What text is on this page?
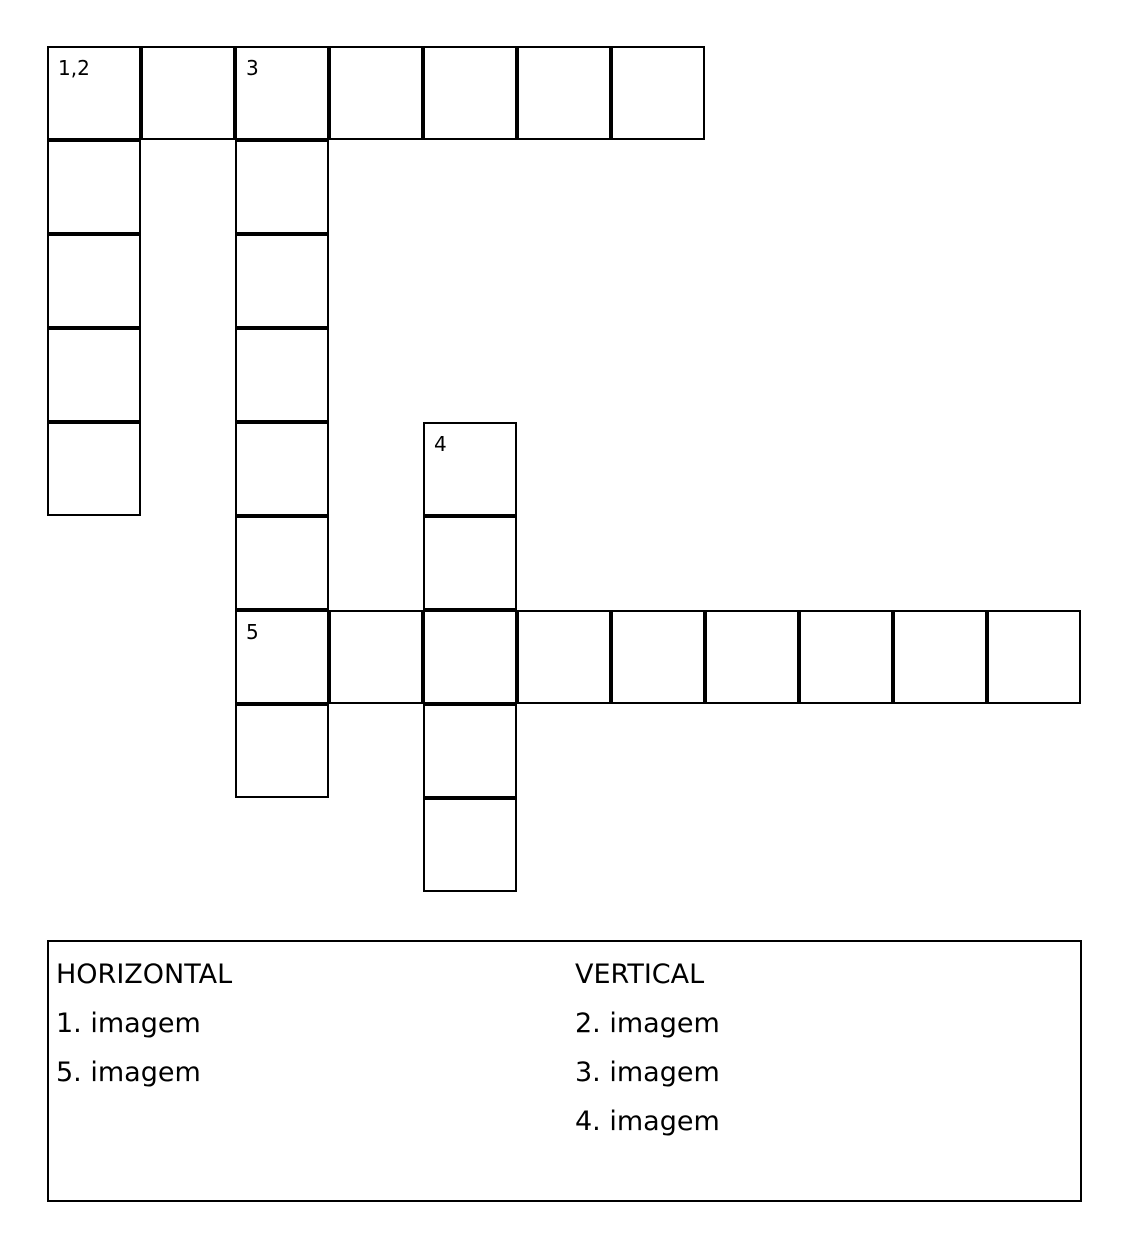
1,2	3
5
4
HORIZONTAL
1. imagem
5. imagem
VERTICAL
2. imagem
3. imagem
4. imagem
